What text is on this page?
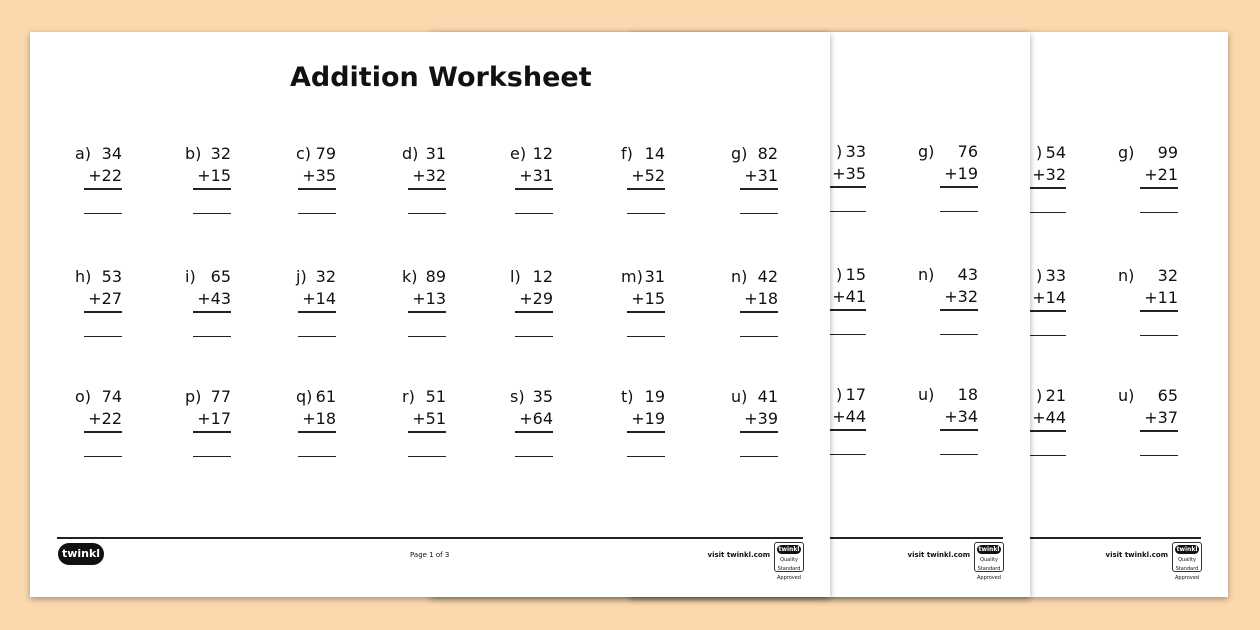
) 54
+32
g) 99
+21
) 33
+14
n) 32
+11
) 21
+44
u) 65
+37
visit twinkl.com
twinkl
Quality Standard Approved
) 33
+35
g) 76
+19
) 15
+41
n) 43
+32
) 17
+44
u) 18
+34
visit twinkl.com
twinkl
Quality Standard Approved
Addition Worksheet
a) 34
+22
b) 32
+15
c) 79
+35
d) 31
+32
e) 12
+31
f) 14
+52
g) 82
+31
h) 53
+27
i) 65
+43
j) 32
+14
k) 89
+13
l) 12
+29
m) 31
+15
n) 42
+18
o) 74
+22
p) 77
+17
q) 61
+18
r) 51
+51
s) 35
+64
t) 19
+19
u) 41
+39
twinkl	Page 1 of 3	visit twinkl.com
twinkl
Quality Standard Approved
